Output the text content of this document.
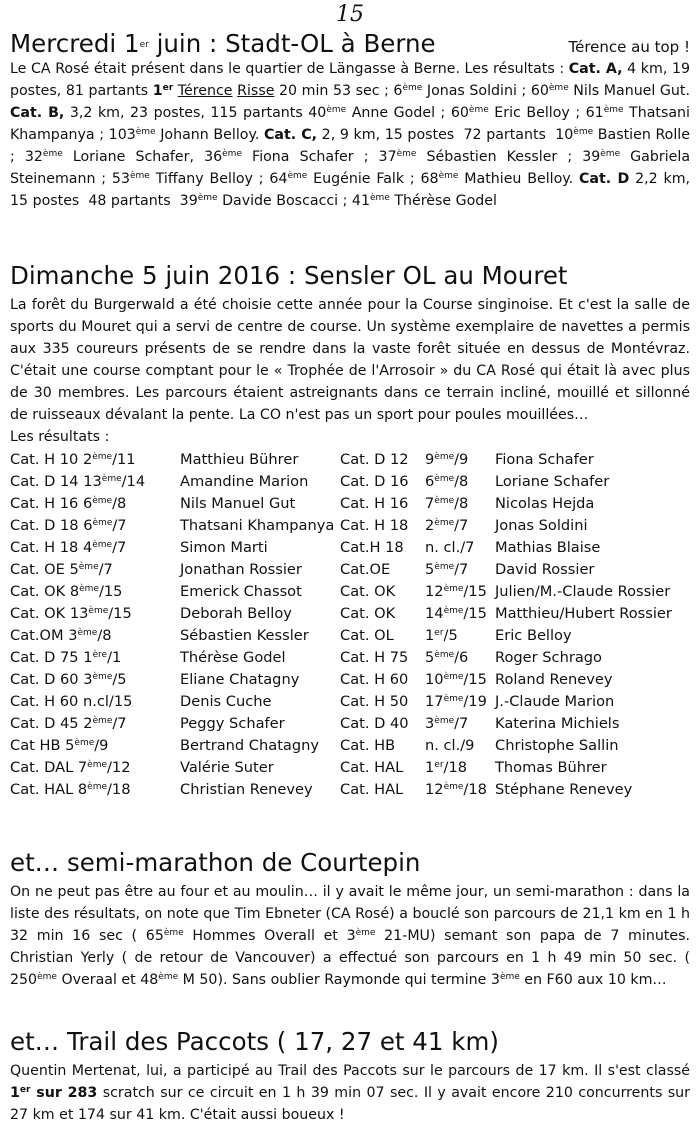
15
Mercredi 1er juin : Stadt-OL à Berne	Térence au top !

Le CA Rosé était présent dans le quartier de Längasse à Berne. Les résultats : Cat. A, 4 km, 19 postes, 81 partants 1er Térence Risse 20 min 53 sec ; 6ème Jonas Soldini ; 60ème Nils Manuel Gut. Cat. B, 3,2 km, 23 postes, 115 partants 40ème Anne Godel ; 60ème Eric Belloy ; 61ème Thatsani Khampanya ; 103ème Johann Belloy. Cat. C, 2, 9 km, 15 postes  72 partants  10ème Bastien Rolle ; 32ème Loriane Schafer, 36ème Fiona Schafer ; 37ème Sébastien Kessler ; 39ème Gabriela Steinemann ; 53ème Tiffany Belloy ; 64ème Eugénie Falk ; 68ème Mathieu Belloy. Cat. D 2,2 km, 15 postes  48 partants  39ème Davide Boscacci ; 41ème Thérèse Godel

Dimanche 5 juin 2016 : Sensler OL au Mouret

La forêt du Burgerwald a été choisie cette année pour la Course singinoise. Et c'est la salle de sports du Mouret qui a servi de centre de course. Un système exemplaire de navettes a permis aux 335 coureurs présents de se rendre dans la vaste forêt située en dessus de Montévraz. C'était une course comptant pour le « Trophée de l'Arrosoir » du CA Rosé qui était là avec plus de 30 membres. Les parcours étaient astreignants dans ce terrain incliné, mouillé et sillonné de ruisseaux dévalant la pente. La CO n'est pas un sport pour poules mouillées…

Les résultats :

Cat. H 10 2ème/11	Matthieu Bührer	Cat. D 12	9ème/9	Fiona Schafer
Cat. D 14 13ème/14	Amandine Marion	Cat. D 16	6ème/8	Loriane Schafer
Cat. H 16 6ème/8	Nils Manuel Gut	Cat. H 16	7ème/8	Nicolas Hejda
Cat. D 18 6ème/7	Thatsani Khampanya	Cat. H 18	2ème/7	Jonas Soldini
Cat. H 18 4ème/7	Simon Marti	Cat.H 18	n. cl./7	Mathias Blaise
Cat. OE 5ème/7	Jonathan Rossier	Cat.OE	5ème/7	David Rossier
Cat. OK 8ème/15	Emerick Chassot	Cat. OK	12ème/15	Julien/M.-Claude Rossier
Cat. OK 13ème/15	Deborah Belloy	Cat. OK	14ème/15	Matthieu/Hubert Rossier
Cat.OM 3ème/8	Sébastien Kessler	Cat. OL	1er/5	Eric Belloy
Cat. D 75 1ère/1	Thérèse Godel	Cat. H 75	5ème/6	Roger Schrago
Cat. D 60 3ème/5	Eliane Chatagny	Cat. H 60	10ème/15	Roland Renevey
Cat. H 60 n.cl/15	Denis Cuche	Cat. H 50	17ème/19	J.-Claude Marion
Cat. D 45 2ème/7	Peggy Schafer	Cat. D 40	3ème/7	Katerina Michiels
Cat HB 5ème/9	Bertrand Chatagny	Cat. HB	n. cl./9	Christophe Sallin
Cat. DAL 7ème/12	Valérie Suter	Cat. HAL	1er/18	Thomas Bührer
Cat. HAL 8ème/18	Christian Renevey	Cat. HAL	12ème/18	Stéphane Renevey
et… semi-marathon de Courtepin

On ne peut pas être au four et au moulin… il y avait le même jour, un semi-marathon : dans la liste des résultats, on note que Tim Ebneter (CA Rosé) a bouclé son parcours de 21,1 km en 1 h 32 min 16 sec ( 65ème Hommes Overall et 3ème 21-MU) semant son papa de 7 minutes. Christian Yerly ( de retour de Vancouver) a effectué son parcours en 1 h 49 min 50 sec. ( 250ème Overaal et 48ème M 50). Sans oublier Raymonde qui termine 3ème en F60 aux 10 km…

et… Trail des Paccots ( 17, 27 et 41 km)

Quentin Mertenat, lui, a participé au Trail des Paccots sur le parcours de 17 km. Il s'est classé 1er sur 283 scratch sur ce circuit en 1 h 39 min 07 sec. Il y avait encore 210 concurrents sur 27 km et 174 sur 41 km. C'était aussi boueux !
